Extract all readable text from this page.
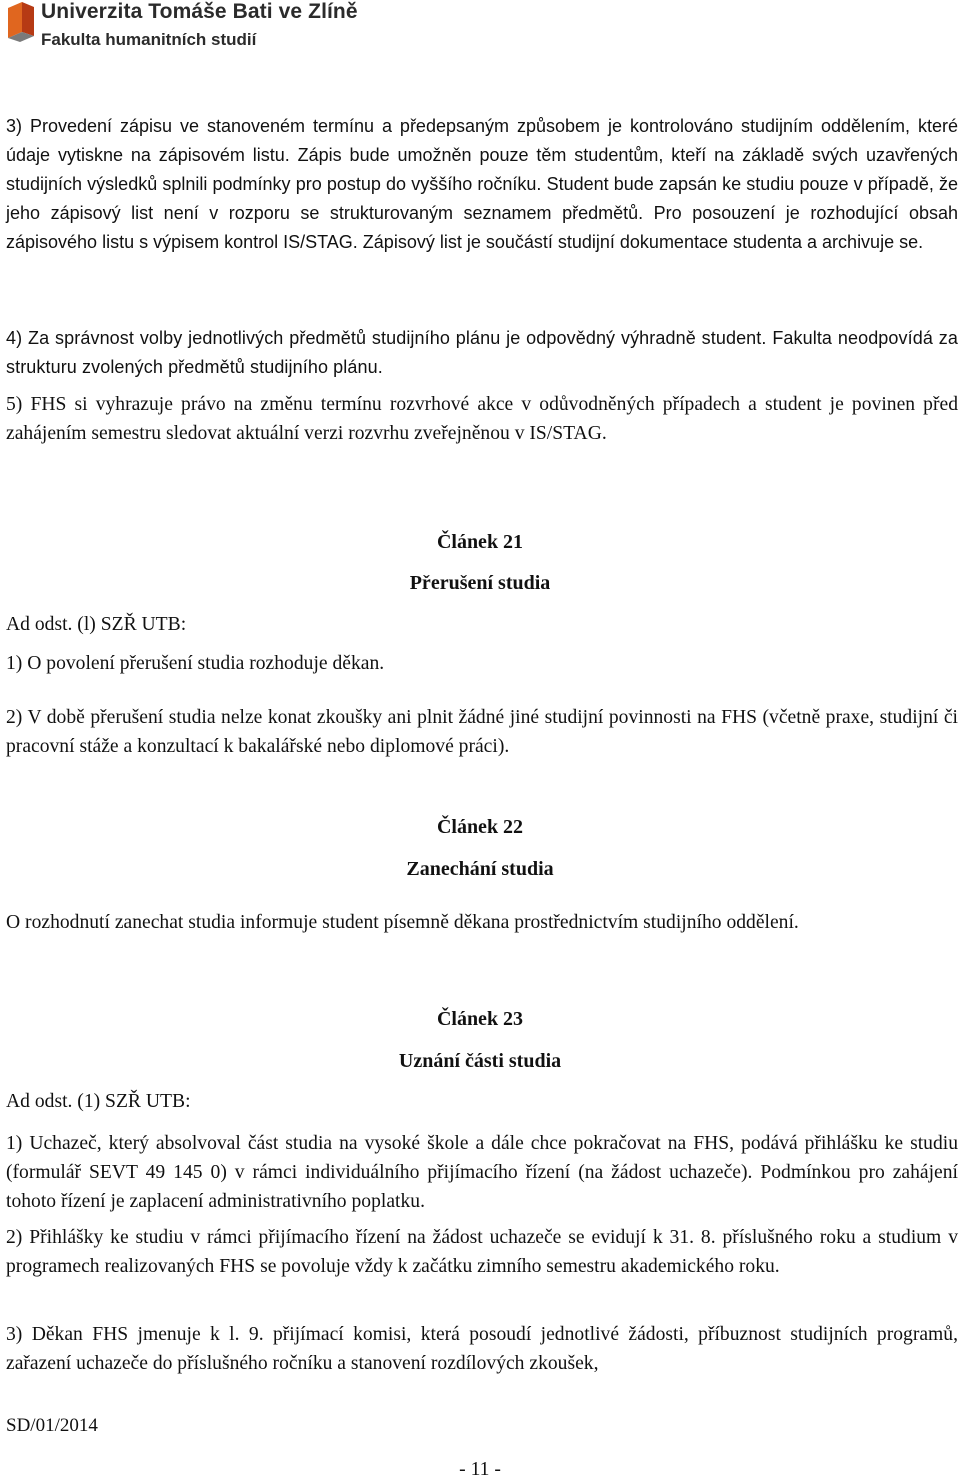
Univerzita Tomáše Bati ve Zlíně
Fakulta humanitních studií

3) Provedení zápisu ve stanoveném termínu a předepsaným způsobem je kontrolováno studijním oddělením, které údaje vytiskne na zápisovém listu. Zápis bude umožněn pouze těm studentům, kteří na základě svých uzavřených studijních výsledků splnili podmínky pro postup do vyššího ročníku. Student bude zapsán ke studiu pouze v případě, že jeho zápisový list není v rozporu se strukturovaným seznamem předmětů. Pro posouzení je rozhodující obsah zápisového listu s výpisem kontrol IS/STAG. Zápisový list je součástí studijní dokumentace studenta a archivuje se.

4) Za správnost volby jednotlivých předmětů studijního plánu je odpovědný výhradně student. Fakulta neodpovídá za strukturu zvolených předmětů studijního plánu.

5) FHS si vyhrazuje právo na změnu termínu rozvrhové akce v odůvodněných případech a student je povinen před zahájením semestru sledovat aktuální verzi rozvrhu zveřejněnou v IS/STAG.

Článek 21

Přerušení studia

Ad odst. (l) SZŘ UTB:

1) O povolení přerušení studia rozhoduje děkan.

2) V době přerušení studia nelze konat zkoušky ani plnit žádné jiné studijní povinnosti na FHS (včetně praxe, studijní či pracovní stáže a konzultací k bakalářské nebo diplomové práci).

Článek 22

Zanechání studia

O rozhodnutí zanechat studia informuje student písemně děkana prostřednictvím studijního oddělení.

Článek 23

Uznání části studia

Ad odst. (1) SZŘ UTB:

1) Uchazeč, který absolvoval část studia na vysoké škole a dále chce pokračovat na FHS, podává přihlášku ke studiu (formulář SEVT 49 145 0) v rámci individuálního přijímacího řízení (na žádost uchazeče). Podmínkou pro zahájení tohoto řízení je zaplacení administrativního poplatku.

2) Přihlášky ke studiu v rámci přijímacího řízení na žádost uchazeče se evidují k 31. 8. příslušného roku a studium v programech realizovaných FHS se povoluje vždy k začátku zimního semestru akademického roku.

3) Děkan FHS jmenuje k l. 9. přijímací komisi, která posoudí jednotlivé žádosti, příbuznost studijních programů, zařazení uchazeče do příslušného ročníku a stanovení rozdílových zkoušek,

SD/01/2014

- 11 -
